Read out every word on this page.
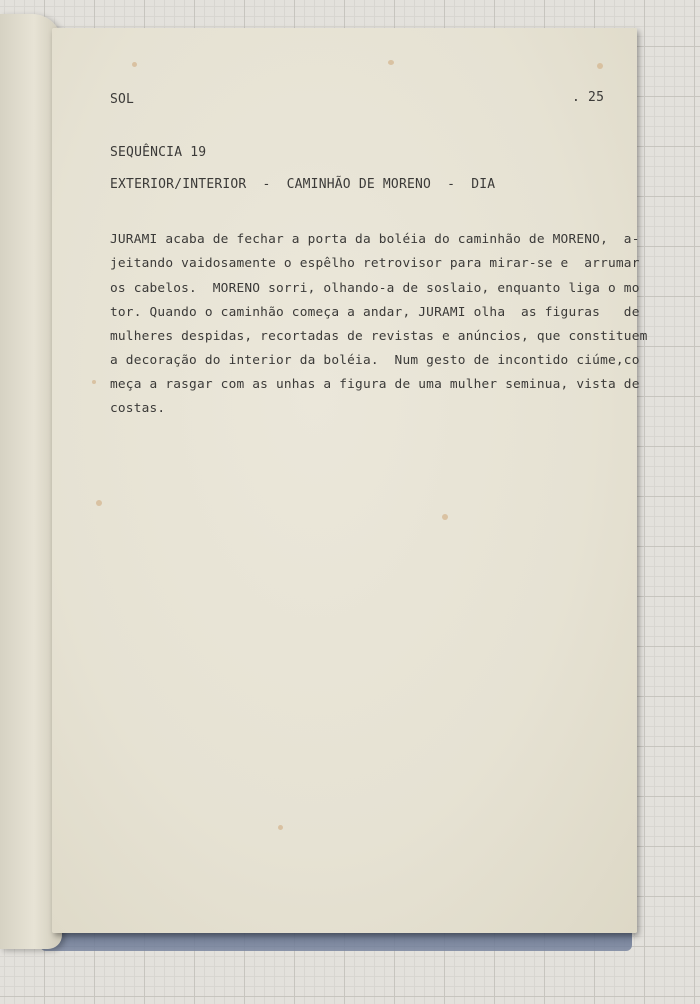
SOL	. 25
SEQUÊNCIA 19
EXTERIOR/INTERIOR  -  CAMINHÃO DE MORENO  -  DIA
JURAMI acaba de fechar a porta da boléia do caminhão de MORENO,  a-
jeitando vaidosamente o espêlho retrovisor para mirar-se e  arrumar
os cabelos.  MORENO sorri, olhando-a de soslaio, enquanto liga o mo
tor. Quando o caminhão começa a andar, JURAMI olha  as figuras   de
mulheres despidas, recortadas de revistas e anúncios, que constituem
a decoração do interior da boléia.  Num gesto de incontido ciúme,co
meça a rasgar com as unhas a figura de uma mulher seminua, vista de
costas.
